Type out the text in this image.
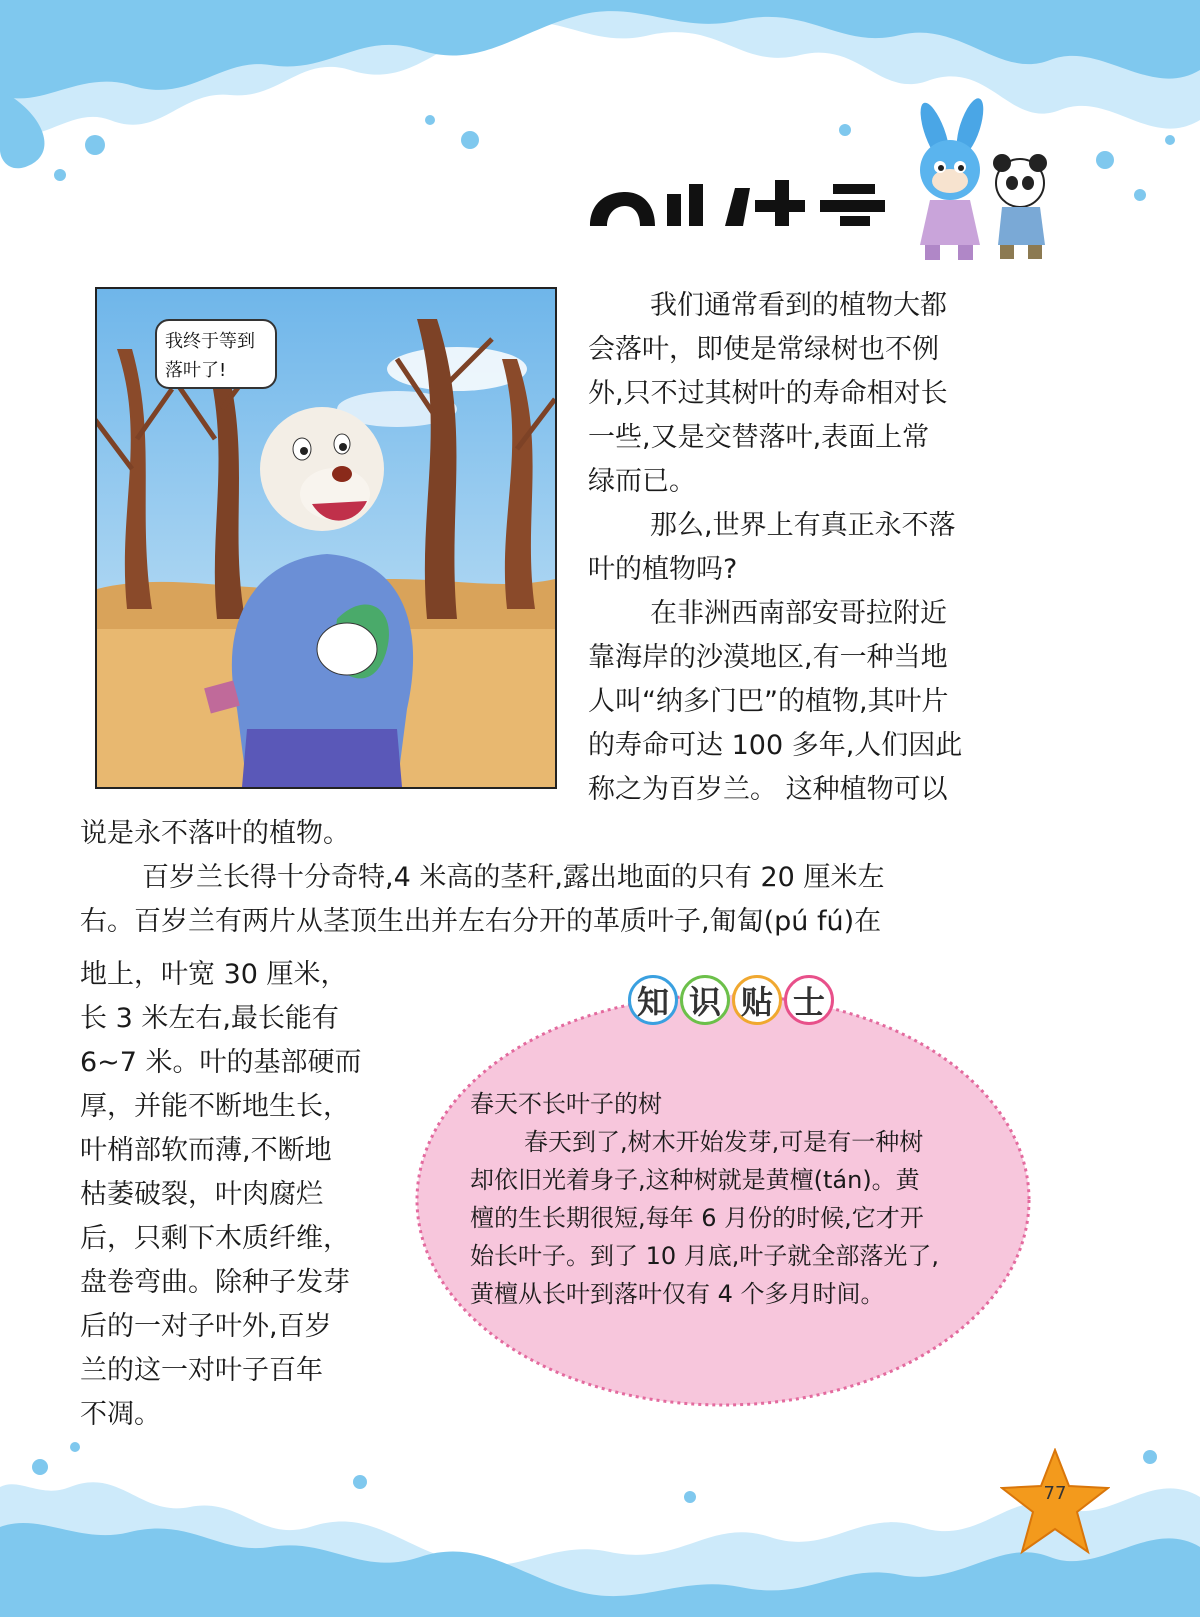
我终于等到
落叶了!
我们通常看到的植物大都
会落叶，即使是常绿树也不例
外,只不过其树叶的寿命相对长
一些,又是交替落叶,表面上常
绿而已。
那么,世界上有真正永不落
叶的植物吗?
在非洲西南部安哥拉附近
靠海岸的沙漠地区,有一种当地
人叫“纳多门巴”的植物,其叶片
的寿命可达 100 多年,人们因此
称之为百岁兰。 这种植物可以
说是永不落叶的植物。
百岁兰长得十分奇特,4 米高的茎秆,露出地面的只有 20 厘米左
右。百岁兰有两片从茎顶生出并左右分开的革质叶子,匍匐(pú fú)在
地上，叶宽 30 厘米，
长 3 米左右,最长能有
6~7 米。叶的基部硬而
厚，并能不断地生长，
叶梢部软而薄,不断地
枯萎破裂，叶肉腐烂
后，只剩下木质纤维，
盘卷弯曲。除种子发芽
后的一对子叶外,百岁
兰的这一对叶子百年
不凋。
知 识 贴 士
春天不长叶子的树
春天到了,树木开始发芽,可是有一种树
却依旧光着身子,这种树就是黄檀(tán)。黄
檀的生长期很短,每年 6 月份的时候,它才开
始长叶子。到了 10 月底,叶子就全部落光了,
黄檀从长叶到落叶仅有 4 个多月时间。
77
